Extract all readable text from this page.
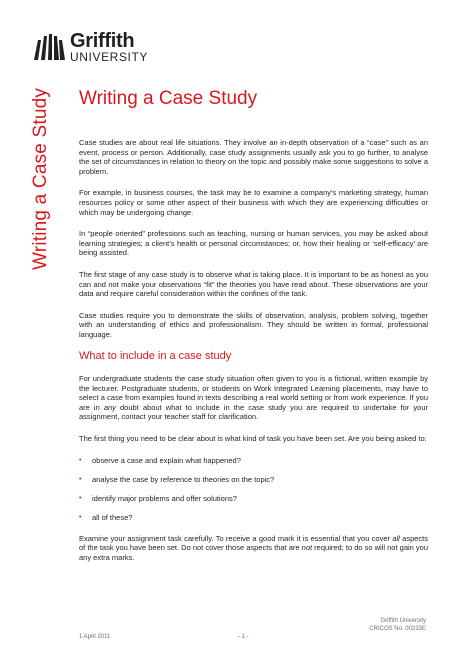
Griffith
UNIVERSITY
Writing a Case Study Writing a Case Study

Case studies are about real life situations. They involve an in-depth observation of a “case” such as an event, process or person. Additionally, case study assignments usually ask you to go further, to analyse the set of circumstances in relation to theory on the topic and possibly make some suggestions to solve a problem.

For example, in business courses, the task may be to examine a company’s marketing strategy, human resources policy or some other aspect of their business with which they are experiencing difficulties or which may be undergoing change.

In “people oriented” professions such as teaching, nursing or human services, you may be asked about learning strategies; a client’s health or personal circumstances; or, how their healing or ‘self-efficacy’ are being assisted.

The first stage of any case study is to observe what is taking place. It is important to be as honest as you can and not make your observations “fit” the theories you have read about. These observations are your data and require careful consideration within the confines of the task.

Case studies require you to demonstrate the skills of observation, analysis, problem solving, together with an understanding of ethics and professionalism. They should be written in formal, professional language.

What to include in a case study

For undergraduate students the case study situation often given to you is a fictional, written example by the lecturer. Postgraduate students, or students on Work Integrated Learning placements, may have to select a case from examples found in texts describing a real world setting or from work experience. If you are in any doubt about what to include in the case study you are required to undertake for your assignment, contact your teacher staff for clarification.

The first thing you need to be clear about is what kind of task you have been set. Are you being asked to:

• observe a case and explain what happened?
• analyse the case by reference to theories on the topic?
• identify major problems and offer solutions?
• all of these?

Examine your assignment task carefully. To receive a good mark it is essential that you cover all aspects of the task you have been set. Do not cover those aspects that are not required; to do so will not gain you any extra marks.

1 April 2011	- 1 -
Griffith University
CRICOS No. 00233E
